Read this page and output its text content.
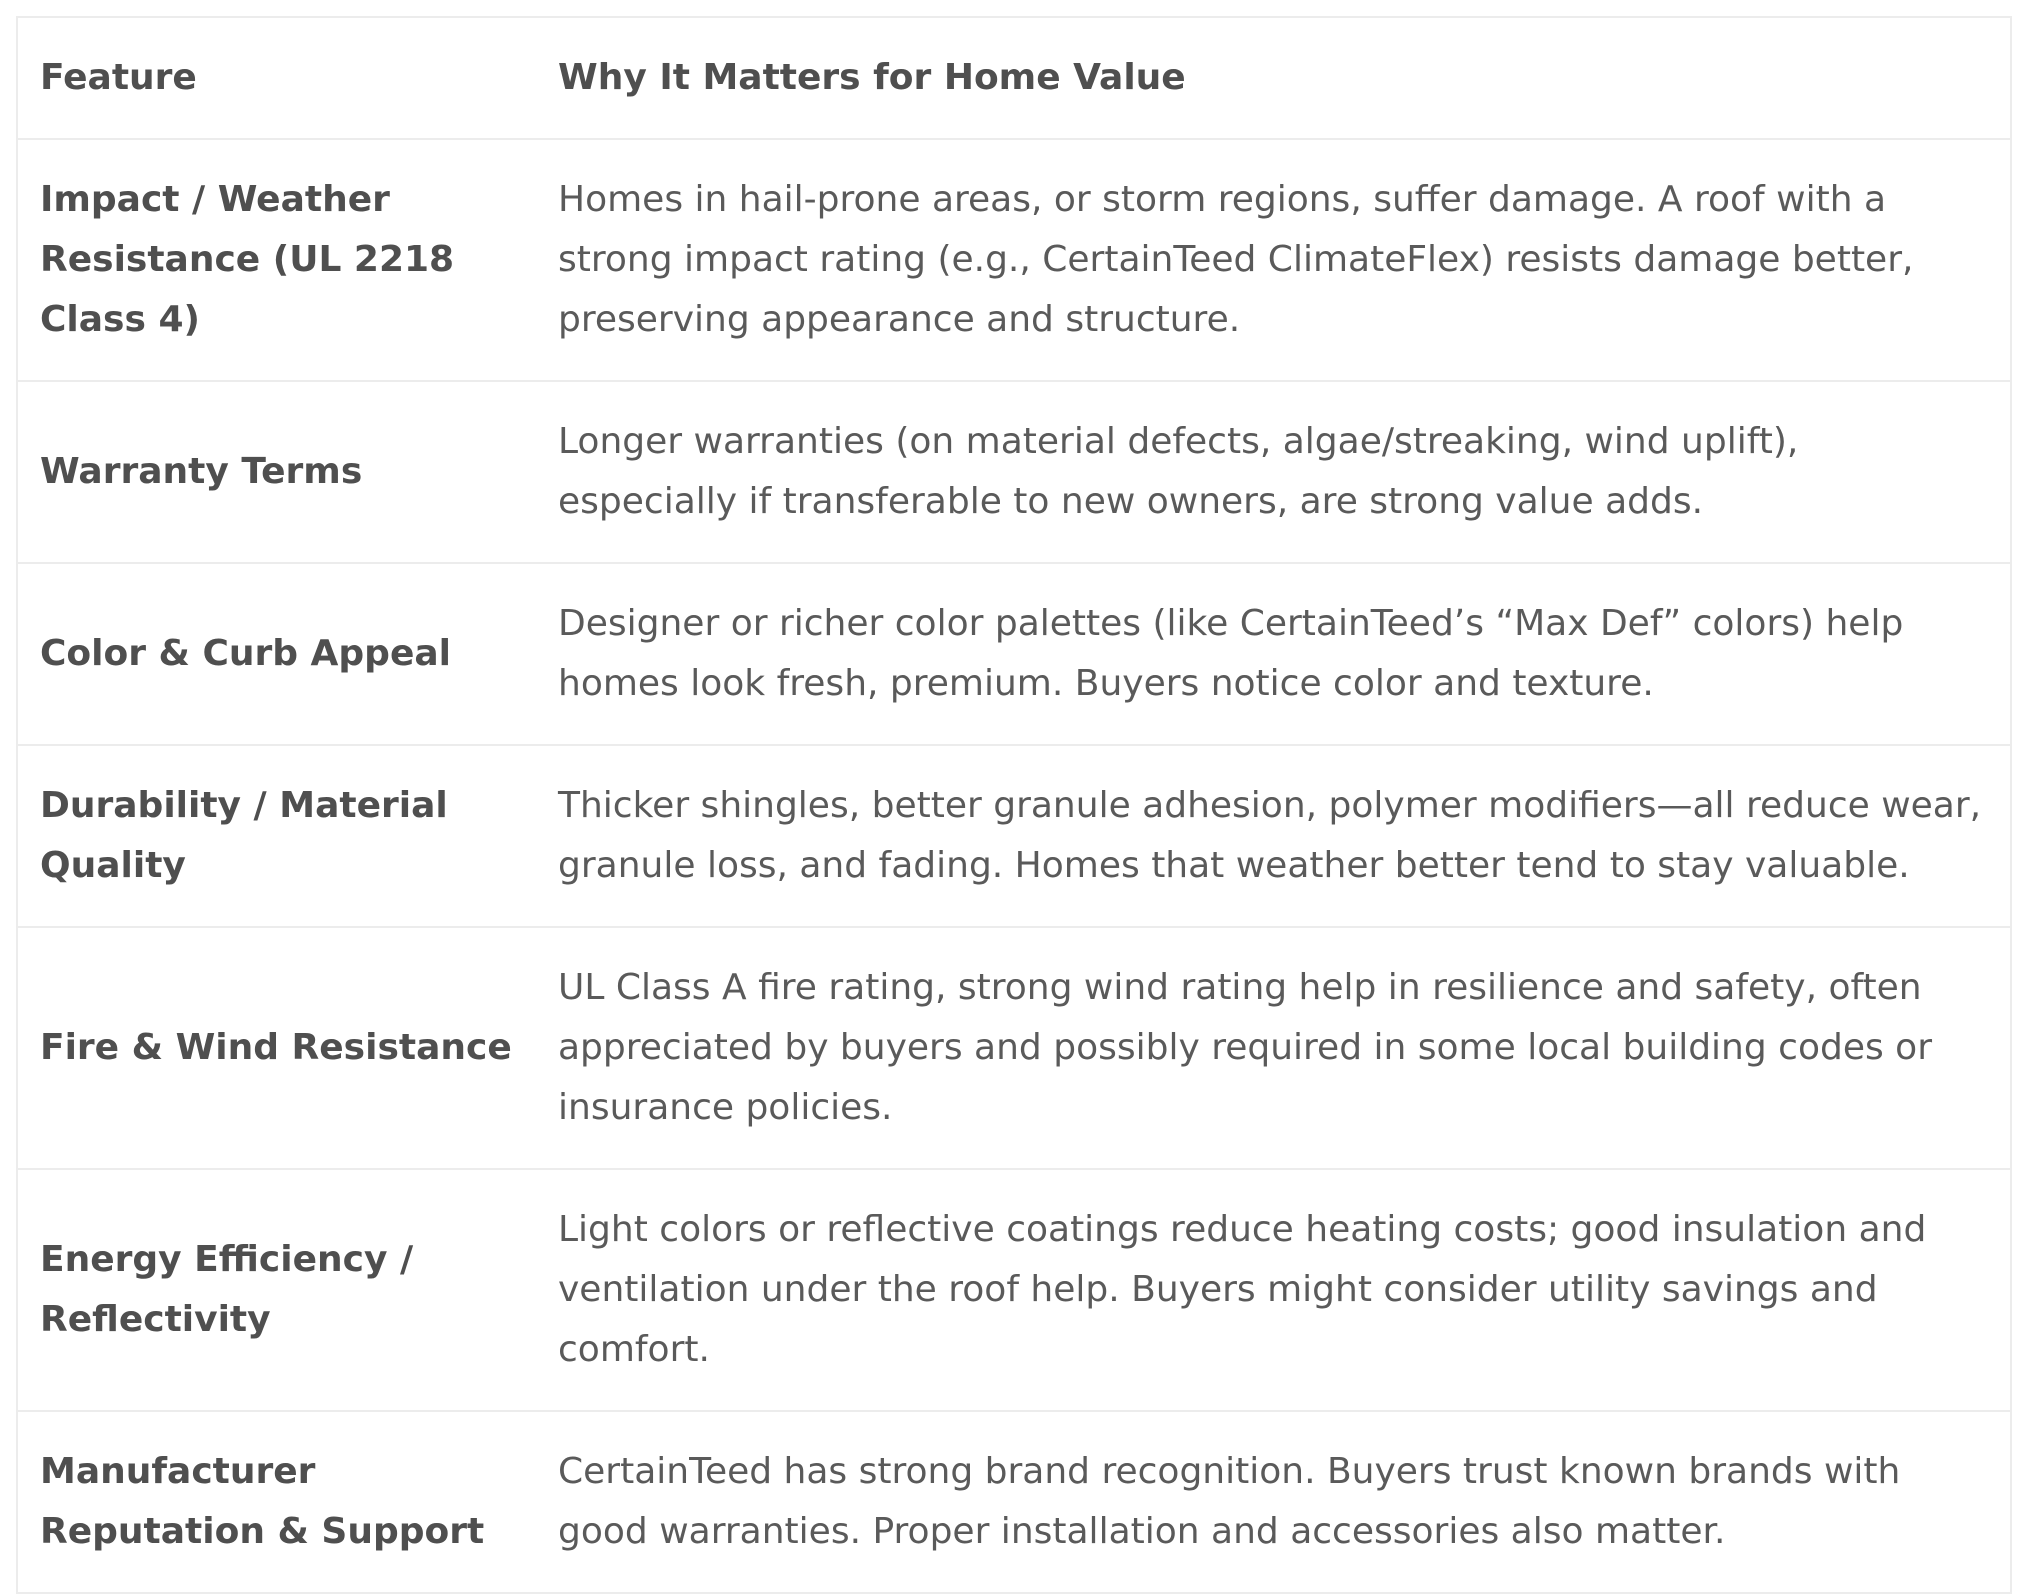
Feature	Why It Matters for Home Value
Impact / Weather Resistance (UL 2218 Class 4)	Homes in hail-prone areas, or storm regions, suffer damage. A roof with a strong impact rating (e.g., CertainTeed ClimateFlex) resists damage better, preserving appearance and structure.
Warranty Terms	Longer warranties (on material defects, algae/streaking, wind uplift), especially if transferable to new owners, are strong value adds.
Color & Curb Appeal	Designer or richer color palettes (like CertainTeed’s “Max Def” colors) help homes look fresh, premium. Buyers notice color and texture.
Durability / Material Quality	Thicker shingles, better granule adhesion, polymer modifiers—all reduce wear, granule loss, and fading. Homes that weather better tend to stay valuable.
Fire & Wind Resistance	UL Class A fire rating, strong wind rating help in resilience and safety, often appreciated by buyers and possibly required in some local building codes or insurance policies.
Energy Efficiency / Reflectivity	Light colors or reflective coatings reduce heating costs; good insulation and ventilation under the roof help. Buyers might consider utility savings and comfort.
Manufacturer Reputation & Support	CertainTeed has strong brand recognition. Buyers trust known brands with good warranties. Proper installation and accessories also matter.
